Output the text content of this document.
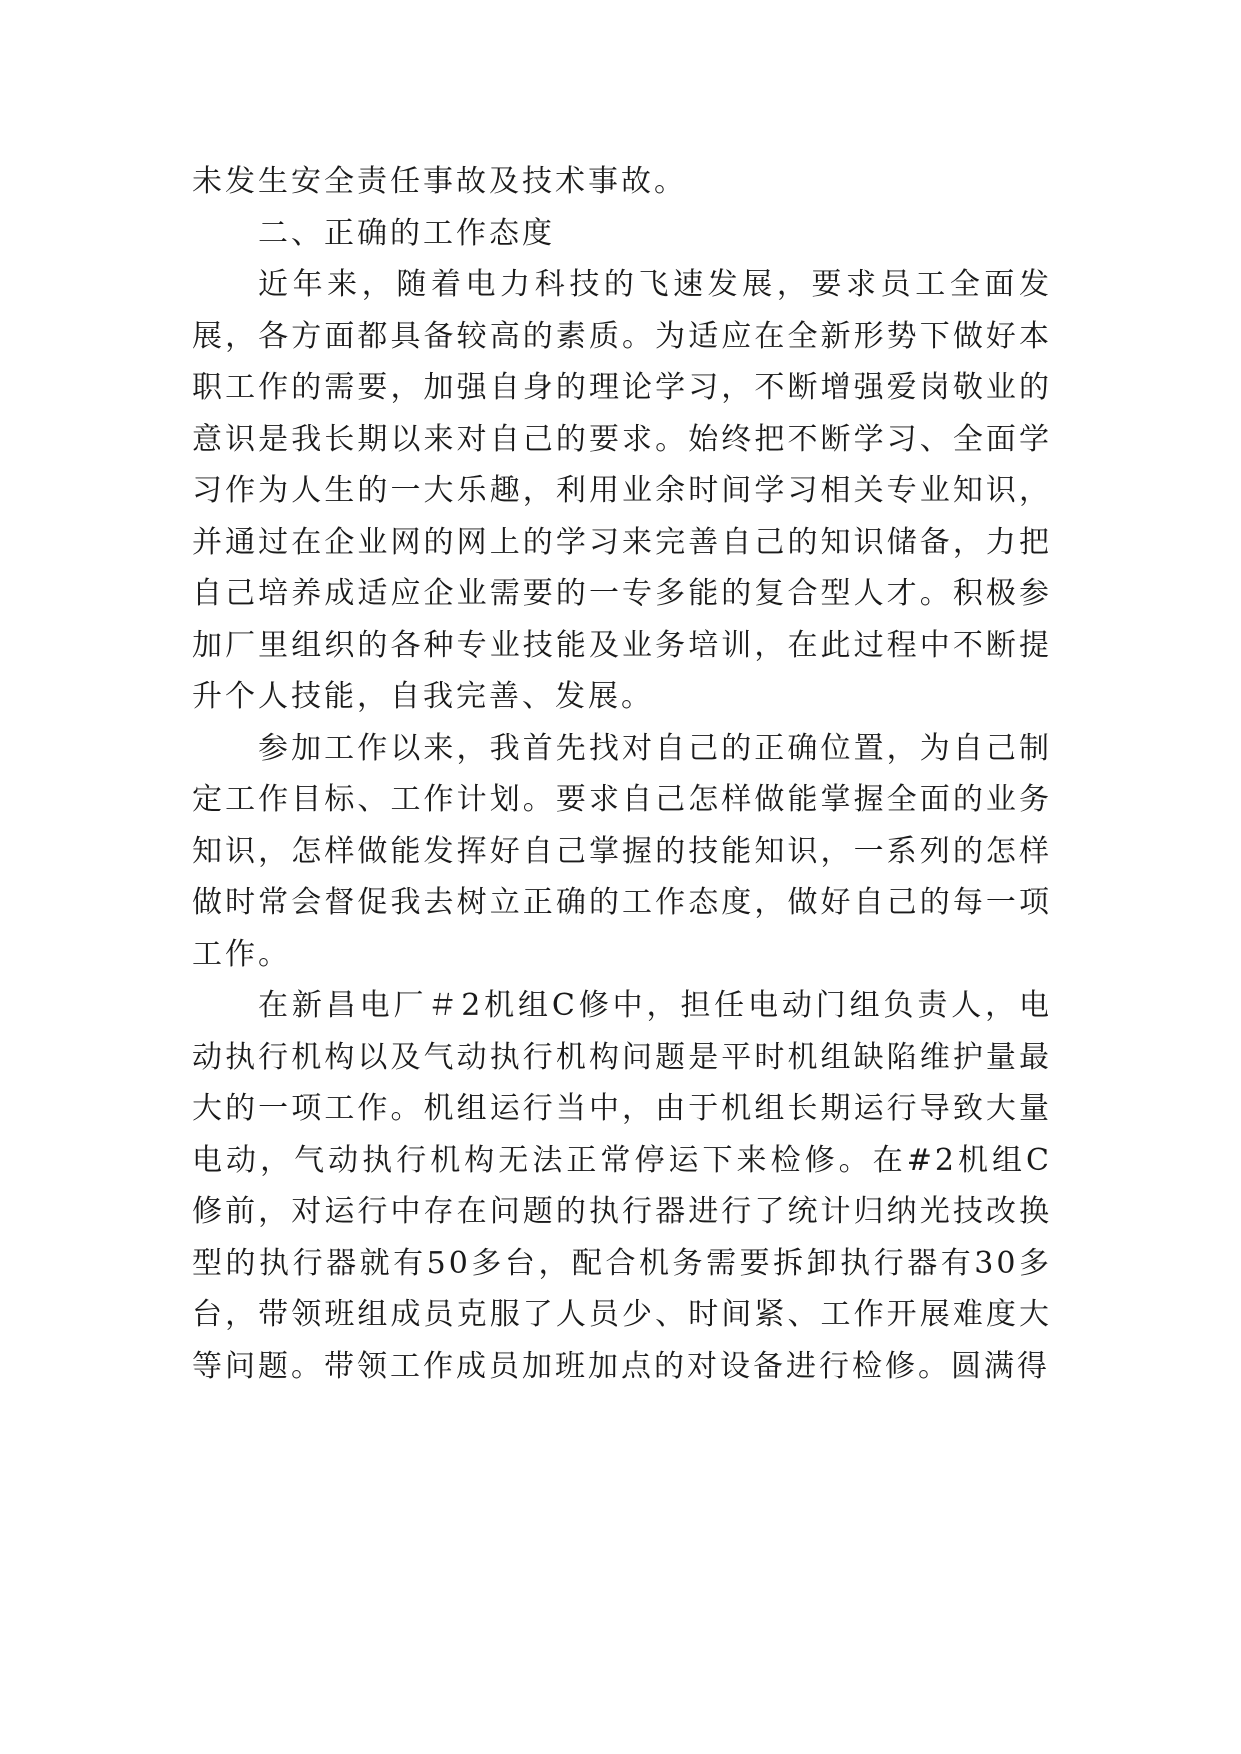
未发生安全责任事故及技术事故。

二、正确的工作态度

近年来，随着电力科技的飞速发展，要求员工全面发展，各方面都具备较高的素质。为适应在全新形势下做好本职工作的需要，加强自身的理论学习，不断增强爱岗敬业的意识是我长期以来对自己的要求。始终把不断学习、全面学习作为人生的一大乐趣，利用业余时间学习相关专业知识，并通过在企业网的网上的学习来完善自己的知识储备，力把自己培养成适应企业需要的一专多能的复合型人才。积极参加厂里组织的各种专业技能及业务培训，在此过程中不断提升个人技能，自我完善、发展。

参加工作以来，我首先找对自己的正确位置，为自己制定工作目标、工作计划。要求自己怎样做能掌握全面的业务知识，怎样做能发挥好自己掌握的技能知识，一系列的怎样做时常会督促我去树立正确的工作态度，做好自己的每一项工作。

在新昌电厂＃2机组C修中，担任电动门组负责人，电动执行机构以及气动执行机构问题是平时机组缺陷维护量最大的一项工作。机组运行当中，由于机组长期运行导致大量电动，气动执行机构无法正常停运下来检修。在#2机组C修前，对运行中存在问题的执行器进行了统计归纳光技改换型的执行器就有50多台，配合机务需要拆卸执行器有30多台，带领班组成员克服了人员少、时间紧、工作开展难度大等问题。带领工作成员加班加点的对设备进行检修。圆满得
